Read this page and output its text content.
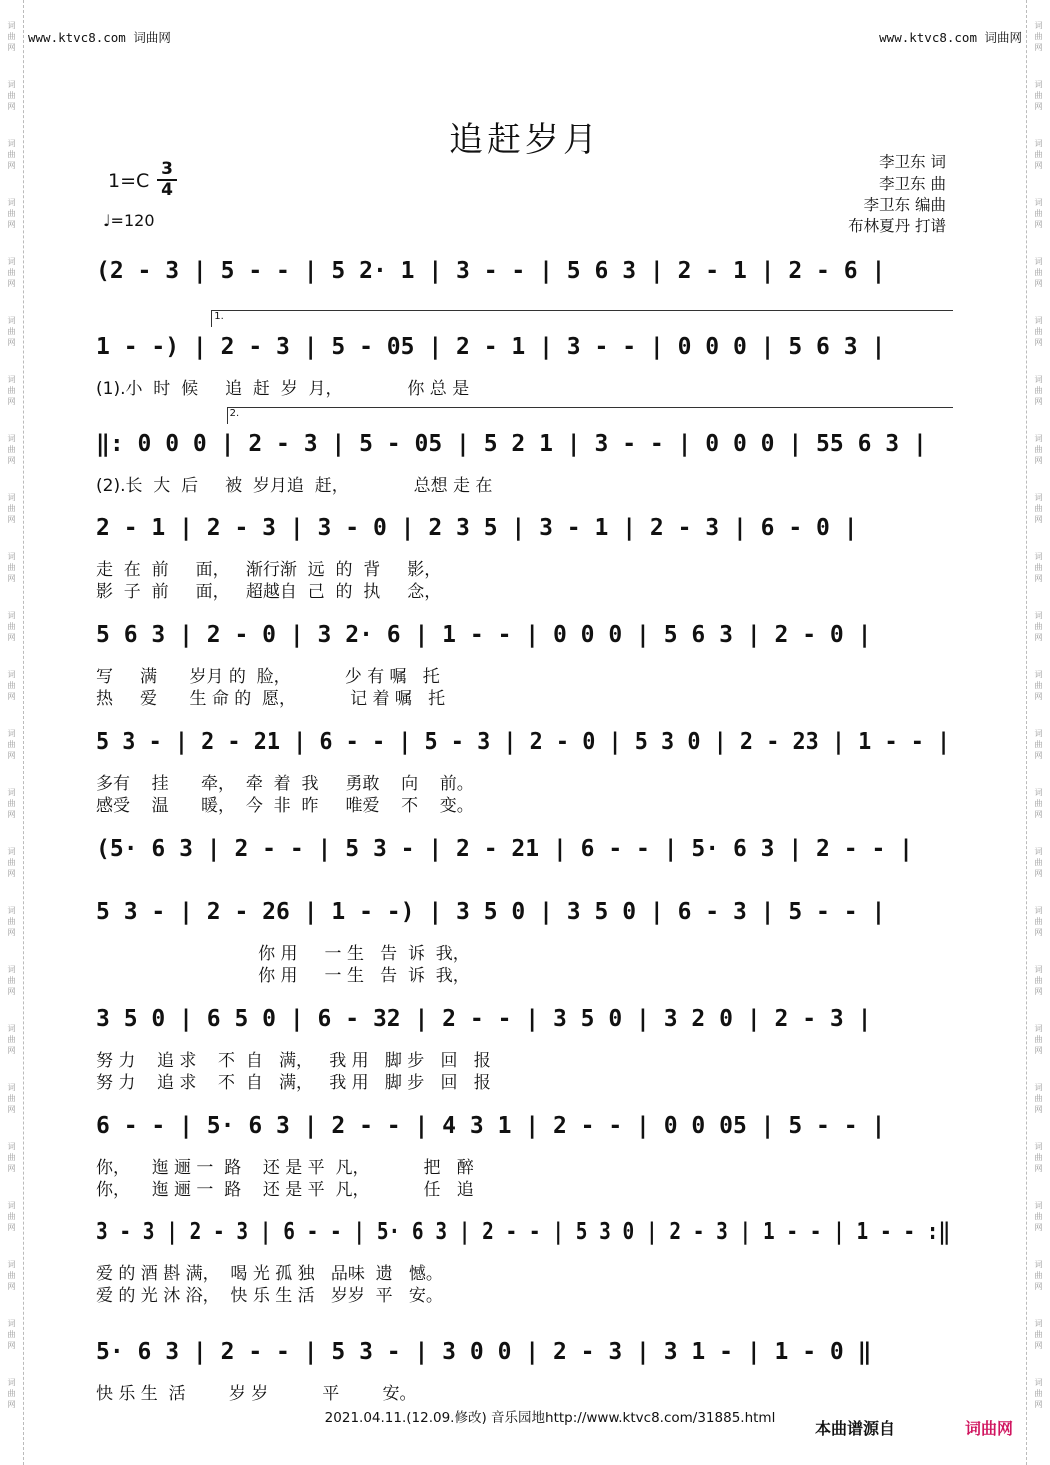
词
曲
网
词
曲
网
词
曲
网
词
曲
网
词
曲
网
词
曲
网
词
曲
网
词
曲
网
词
曲
网
词
曲
网
词
曲
网
词
曲
网
词
曲
网
词
曲
网
词
曲
网
词
曲
网
词
曲
网
词
曲
网
词
曲
网
词
曲
网
词
曲
网
词
曲
网
词
曲
网
词
曲
网
词
曲
网
词
曲
网
词
曲
网
词
曲
网
词
曲
网
词
曲
网
词
曲
网
词
曲
网
词
曲
网
词
曲
网
词
曲
网
词
曲
网
词
曲
网
词
曲
网
词
曲
网
词
曲
网
词
曲
网
词
曲
网
词
曲
网
词
曲
网
词
曲
网
词
曲
网
词
曲
网
词
曲
网
www.ktvc8.com 词曲网	www.ktvc8.com 词曲网
追赶岁月
1=C
3
4
♩=120
李卫东 词
李卫东 曲
李卫东 编曲
布林夏丹 打谱
(2 - 3 | 5 - - | 5 2· 1 | 3 - - | 5 6 3 | 2 - 1 | 2 - 6 |
1 - -) | 2 - 3 | 5 - 05 | 2 - 1 | 3 - - | 0 0 0 | 5 6 3 |
1.
(1).小  时  候     追  赶  岁  月，            你 总 是
‖: 0 0 0 | 2 - 3 | 5 - 05 | 5 2 1 | 3 - - | 0 0 0 | 55 6 3 |
2.
(2).长  大  后     被  岁月追  赶，            总想 走 在
2 - 1 | 2 - 3 | 3 - 0 | 2 3 5 | 3 - 1 | 2 - 3 | 6 - 0 |
走  在  前     面，   渐行渐  远  的  背     影，
影  子  前     面，   超越自  己  的  执     念，
5 6 3 | 2 - 0 | 3 2· 6 | 1 - - | 0 0 0 | 5 6 3 | 2 - 0 |
写     满      岁月 的  脸，          少 有 嘱   托
热     爱      生 命 的  愿，          记 着 嘱   托
5 3 - | 2 - 21 | 6 - - | 5 - 3 | 2 - 0 | 5 3 0 | 2 - 23 | 1 - - |
多有    挂      牵，  牵  着  我     勇敢    向    前。
感受    温      暖，  今  非  昨     唯爱    不    变。
(5· 6 3 | 2 - - | 5 3 - | 2 - 21 | 6 - - | 5· 6 3 | 2 - - |
5 3 - | 2 - 26 | 1 - -) | 3 5 0 | 3 5 0 | 6 - 3 | 5 - - |
你 用     一 生   告  诉  我，
你 用     一 生   告  诉  我，
3 5 0 | 6 5 0 | 6 - 32 | 2 - - | 3 5 0 | 3 2 0 | 2 - 3 |
努 力    追 求    不  自   满，   我 用   脚 步   回   报
努 力    追 求    不  自   满，   我 用   脚 步   回   报
6 - - | 5· 6 3 | 2 - - | 4 3 1 | 2 - - | 0 0 05 | 5 - - |
你，    迤 逦 一  路    还 是 平  凡，          把   醉
你，    迤 逦 一  路    还 是 平  凡，          任   追
3 - 3 | 2 - 3 | 6 - - | 5· 6 3 | 2 - - | 5 3 0 | 2 - 3 | 1 - - | 1 - - :‖
爱 的 酒 斟 满，  喝 光 孤 独   品味  遗   憾。
爱 的 光 沐 浴，  快 乐 生 活   岁岁  平   安。
5· 6 3 | 2 - - | 5 3 - | 3 0 0 | 2 - 3 | 3 1 - | 1 - 0 ‖
快 乐 生  活        岁 岁          平        安。
2021.04.11.(12.09.修改) 音乐园地http://www.ktvc8.com/31885.html
本曲谱源自	词曲网
